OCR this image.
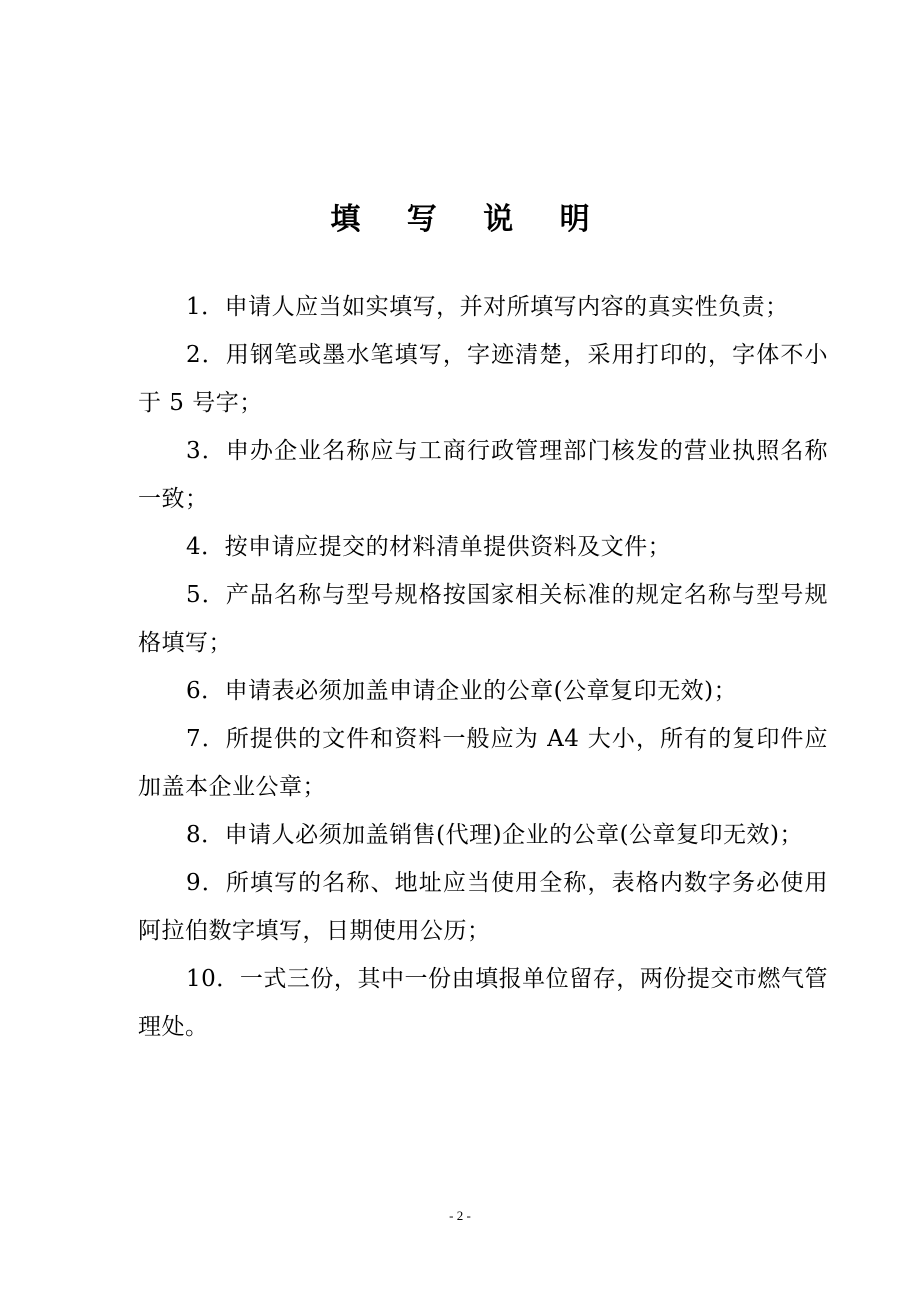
填 写 说 明

1．申请人应当如实填写，并对所填写内容的真实性负责；

2．用钢笔或墨水笔填写，字迹清楚，采用打印的，字体不小于 5 号字；

3．申办企业名称应与工商行政管理部门核发的营业执照名称一致；

4．按申请应提交的材料清单提供资料及文件；

5．产品名称与型号规格按国家相关标准的规定名称与型号规格填写；

6．申请表必须加盖申请企业的公章(公章复印无效)；

7．所提供的文件和资料一般应为 A4 大小，所有的复印件应加盖本企业公章；

8．申请人必须加盖销售(代理)企业的公章(公章复印无效)；

9．所填写的名称、地址应当使用全称，表格内数字务必使用阿拉伯数字填写，日期使用公历；

10．一式三份，其中一份由填报单位留存，两份提交市燃气管理处。

- 2 -
